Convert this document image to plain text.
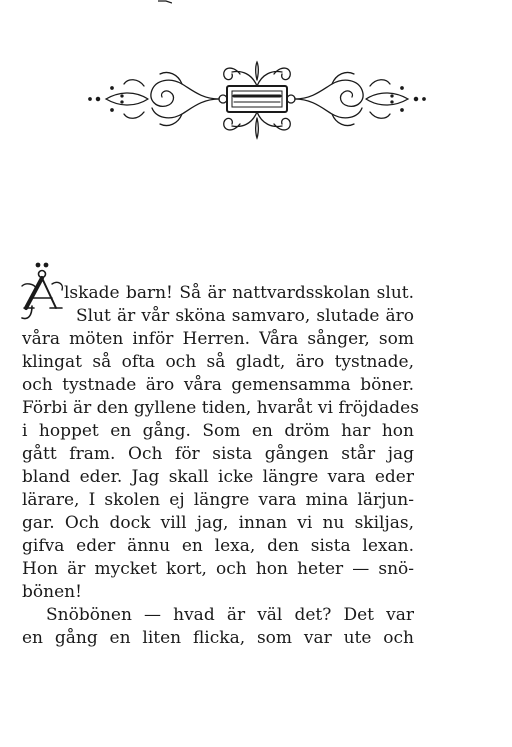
lskade barn! Så är nattvardsskolan slut.
Slut är vår sköna samvaro, slutade äro
våra möten inför Herren. Våra sånger, som
klingat så ofta och så gladt, äro tystnade,
och tystnade äro våra gemensamma böner.
Förbi är den gyllene tiden, hvaråt vi fröjdades
i hoppet en gång. Som en dröm har hon
gått fram. Och för sista gången står jag
bland eder. Jag skall icke längre vara eder
lärare, I skolen ej längre vara mina lärjun-
gar. Och dock vill jag, innan vi nu skiljas,
gifva eder ännu en lexa, den sista lexan.
Hon är mycket kort, och hon heter — snö-
bönen!
Snöbönen — hvad är väl det? Det var
en gång en liten flicka, som var ute och
